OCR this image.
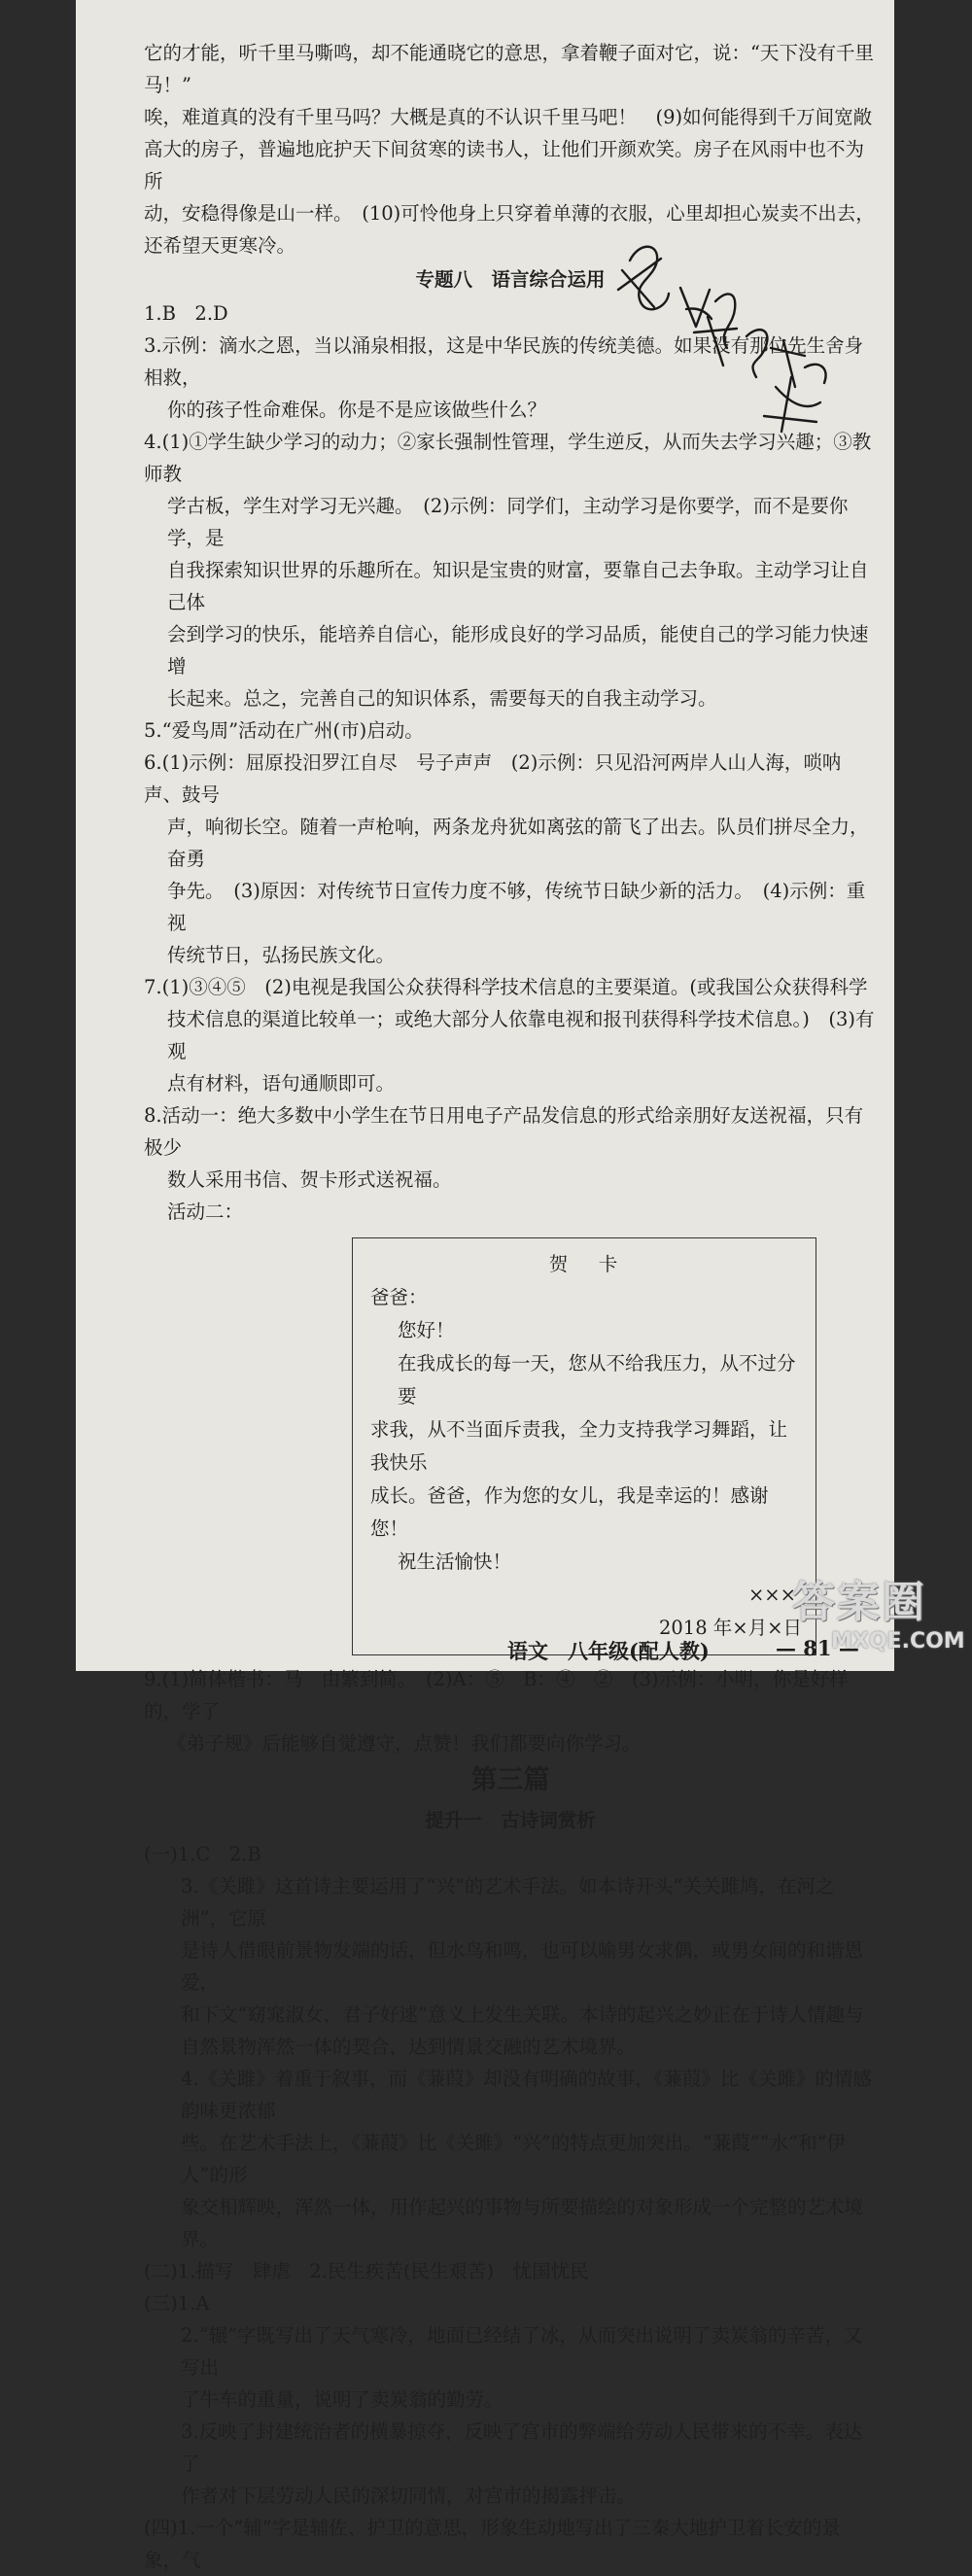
它的才能，听千里马嘶鸣，却不能通晓它的意思，拿着鞭子面对它，说：“天下没有千里马！”

唉，难道真的没有千里马吗？大概是真的不认识千里马吧！　(9)如何能得到千万间宽敞

高大的房子，普遍地庇护天下间贫寒的读书人，让他们开颜欢笑。房子在风雨中也不为所

动，安稳得像是山一样。　(10)可怜他身上只穿着单薄的衣服，心里却担心炭卖不出去，

还希望天更寒冷。

专题八　语言综合运用

1.B　2.D

3.示例：滴水之恩，当以涌泉相报，这是中华民族的传统美德。如果没有那位先生舍身相救，

你的孩子性命难保。你是不是应该做些什么？

4.(1)①学生缺少学习的动力；②家长强制性管理，学生逆反，从而失去学习兴趣；③教师教

学古板，学生对学习无兴趣。　(2)示例：同学们，主动学习是你要学，而不是要你学，是

自我探索知识世界的乐趣所在。知识是宝贵的财富，要靠自己去争取。主动学习让自己体

会到学习的快乐，能培养自信心，能形成良好的学习品质，能使自己的学习能力快速增

长起来。总之，完善自己的知识体系，需要每天的自我主动学习。

5.“爱鸟周”活动在广州(市)启动。

6.(1)示例：屈原投汨罗江自尽　号子声声　(2)示例：只见沿河两岸人山人海，唢呐声、鼓号

声，响彻长空。随着一声枪响，两条龙舟犹如离弦的箭飞了出去。队员们拼尽全力，奋勇

争先。　(3)原因：对传统节日宣传力度不够，传统节日缺少新的活力。　(4)示例：重视

传统节日，弘扬民族文化。

7.(1)③④⑤　(2)电视是我国公众获得科学技术信息的主要渠道。(或我国公众获得科学

技术信息的渠道比较单一；或绝大部分人依靠电视和报刊获得科学技术信息。)　(3)有观

点有材料，语句通顺即可。

8.活动一：绝大多数中小学生在节日用电子产品发信息的形式给亲朋好友送祝福，只有极少

数人采用书信、贺卡形式送祝福。

活动二：

贺　卡
爸爸：
您好！
在我成长的每一天，您从不给我压力，从不过分要
求我，从不当面斥责我，全力支持我学习舞蹈，让我快乐
成长。爸爸，作为您的女儿，我是幸运的！感谢您！
祝生活愉快！
×××
2018 年×月×日

9.(1)简体楷书：马　由繁到简。　(2)A：⑤　B：④　②　(3)示例：小明，你是好样的，学了

《弟子规》后能够自觉遵守，点赞！我们都要向你学习。

第三篇

提升一　古诗词赏析

(一)1.C　2.B

3.《关雎》这首诗主要运用了“兴”的艺术手法。如本诗开头“关关雎鸠，在河之洲”，它原

是诗人借眼前景物发端的话，但水鸟和鸣，也可以喻男女求偶，或男女间的和谐恩爱，

和下文“窈窕淑女，君子好逑”意义上发生关联。本诗的起兴之妙正在于诗人情趣与

自然景物浑然一体的契合，达到情景交融的艺术境界。

4.《关雎》着重于叙事，而《蒹葭》却没有明确的故事，《蒹葭》比《关雎》的情感韵味更浓郁

些。在艺术手法上，《蒹葭》比《关雎》“兴”的特点更加突出。“蒹葭”“水”和“伊人”的形

象交相辉映，浑然一体，用作起兴的事物与所要描绘的对象形成一个完整的艺术境界。

(二)1.描写　肆虐　2.民生疾苦(民生艰苦)　忧国忧民

(三)1.A

2.“辗”字既写出了天气寒冷，地面已经结了冰，从而突出说明了卖炭翁的辛苦，又写出

了牛车的重量，说明了卖炭翁的勤劳。

3.反映了封建统治者的横暴掠夺，反映了宫市的弊端给劳动人民带来的不幸。表达了

作者对下层劳动人民的深切同情，对宫市的揭露抨击。

(四)1.一个“辅”字是辅佐、护卫的意思，形象生动地写出了三秦大地护卫着长安的景象，气

语文 八年级(配人教)	— 81 —
答案圈
MXQE.COM
